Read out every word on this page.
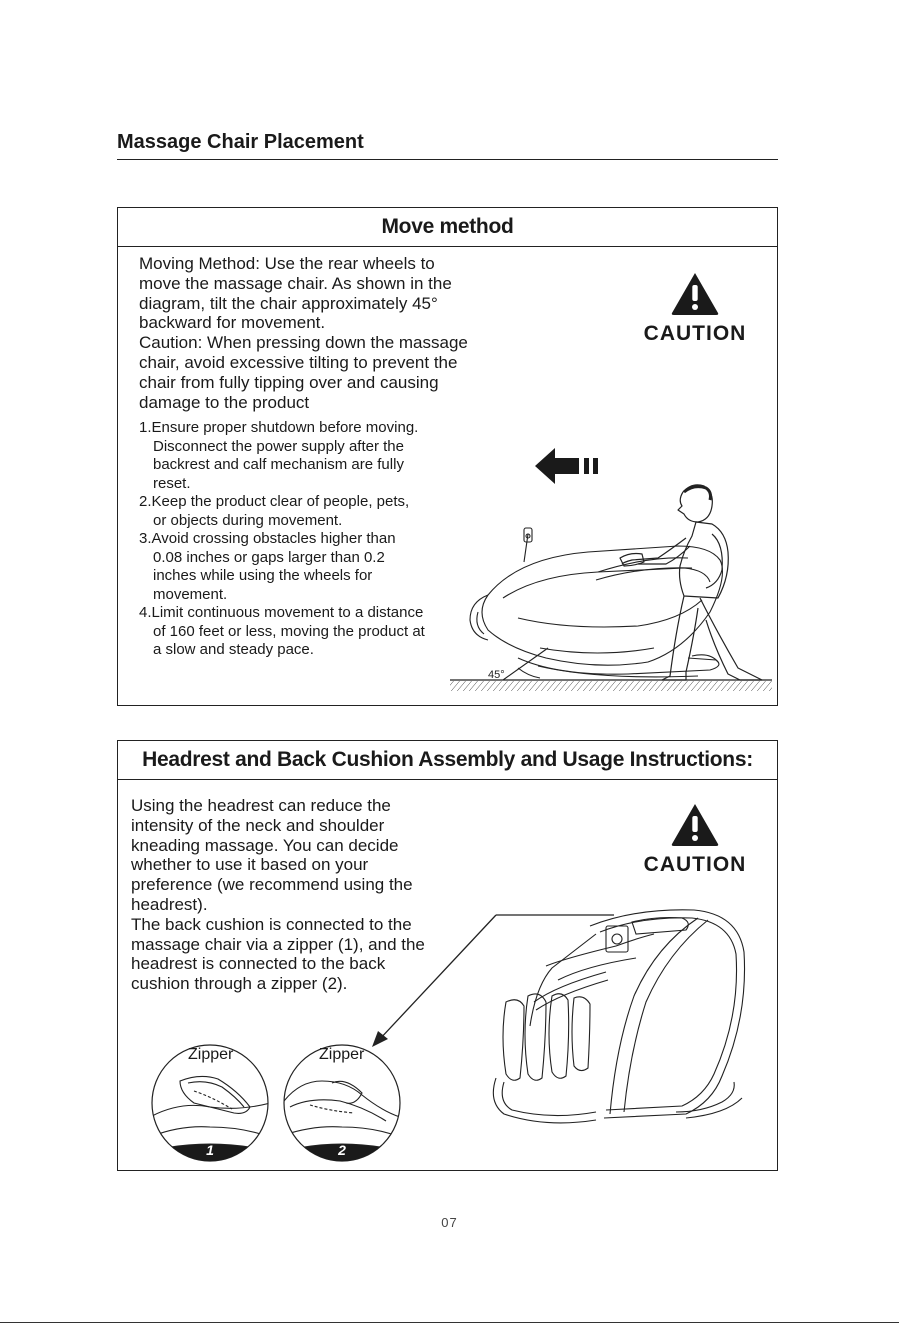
Massage Chair Placement
Move method
Moving Method: Use the rear wheels to
move the massage chair. As shown in the
diagram, tilt the chair approximately 45°
backward for movement.
Caution: When pressing down the massage
chair, avoid excessive tilting to prevent the
chair from fully tipping over and causing
damage to the product
1.Ensure proper shutdown before moving.
Disconnect the power supply after the
backrest and calf mechanism are fully
reset.
2.Keep the product clear of people, pets,
or objects during movement.
3.Avoid crossing obstacles higher than
0.08 inches or gaps larger than 0.2
inches while using the wheels for
movement.
4.Limit continuous movement to a distance
of 160 feet or less, moving the product at
a slow and steady pace.
CAUTION
45°
Headrest and Back Cushion Assembly and Usage Instructions:
Using the headrest can reduce the
intensity of the neck and shoulder
kneading massage. You can decide
whether to use it based on your
preference (we recommend using the
headrest).
The back cushion is connected to the
massage chair via a zipper (1), and the
headrest is connected to the back
cushion through a zipper (2).
CAUTION
Zipper	Zipper
1	2
07
